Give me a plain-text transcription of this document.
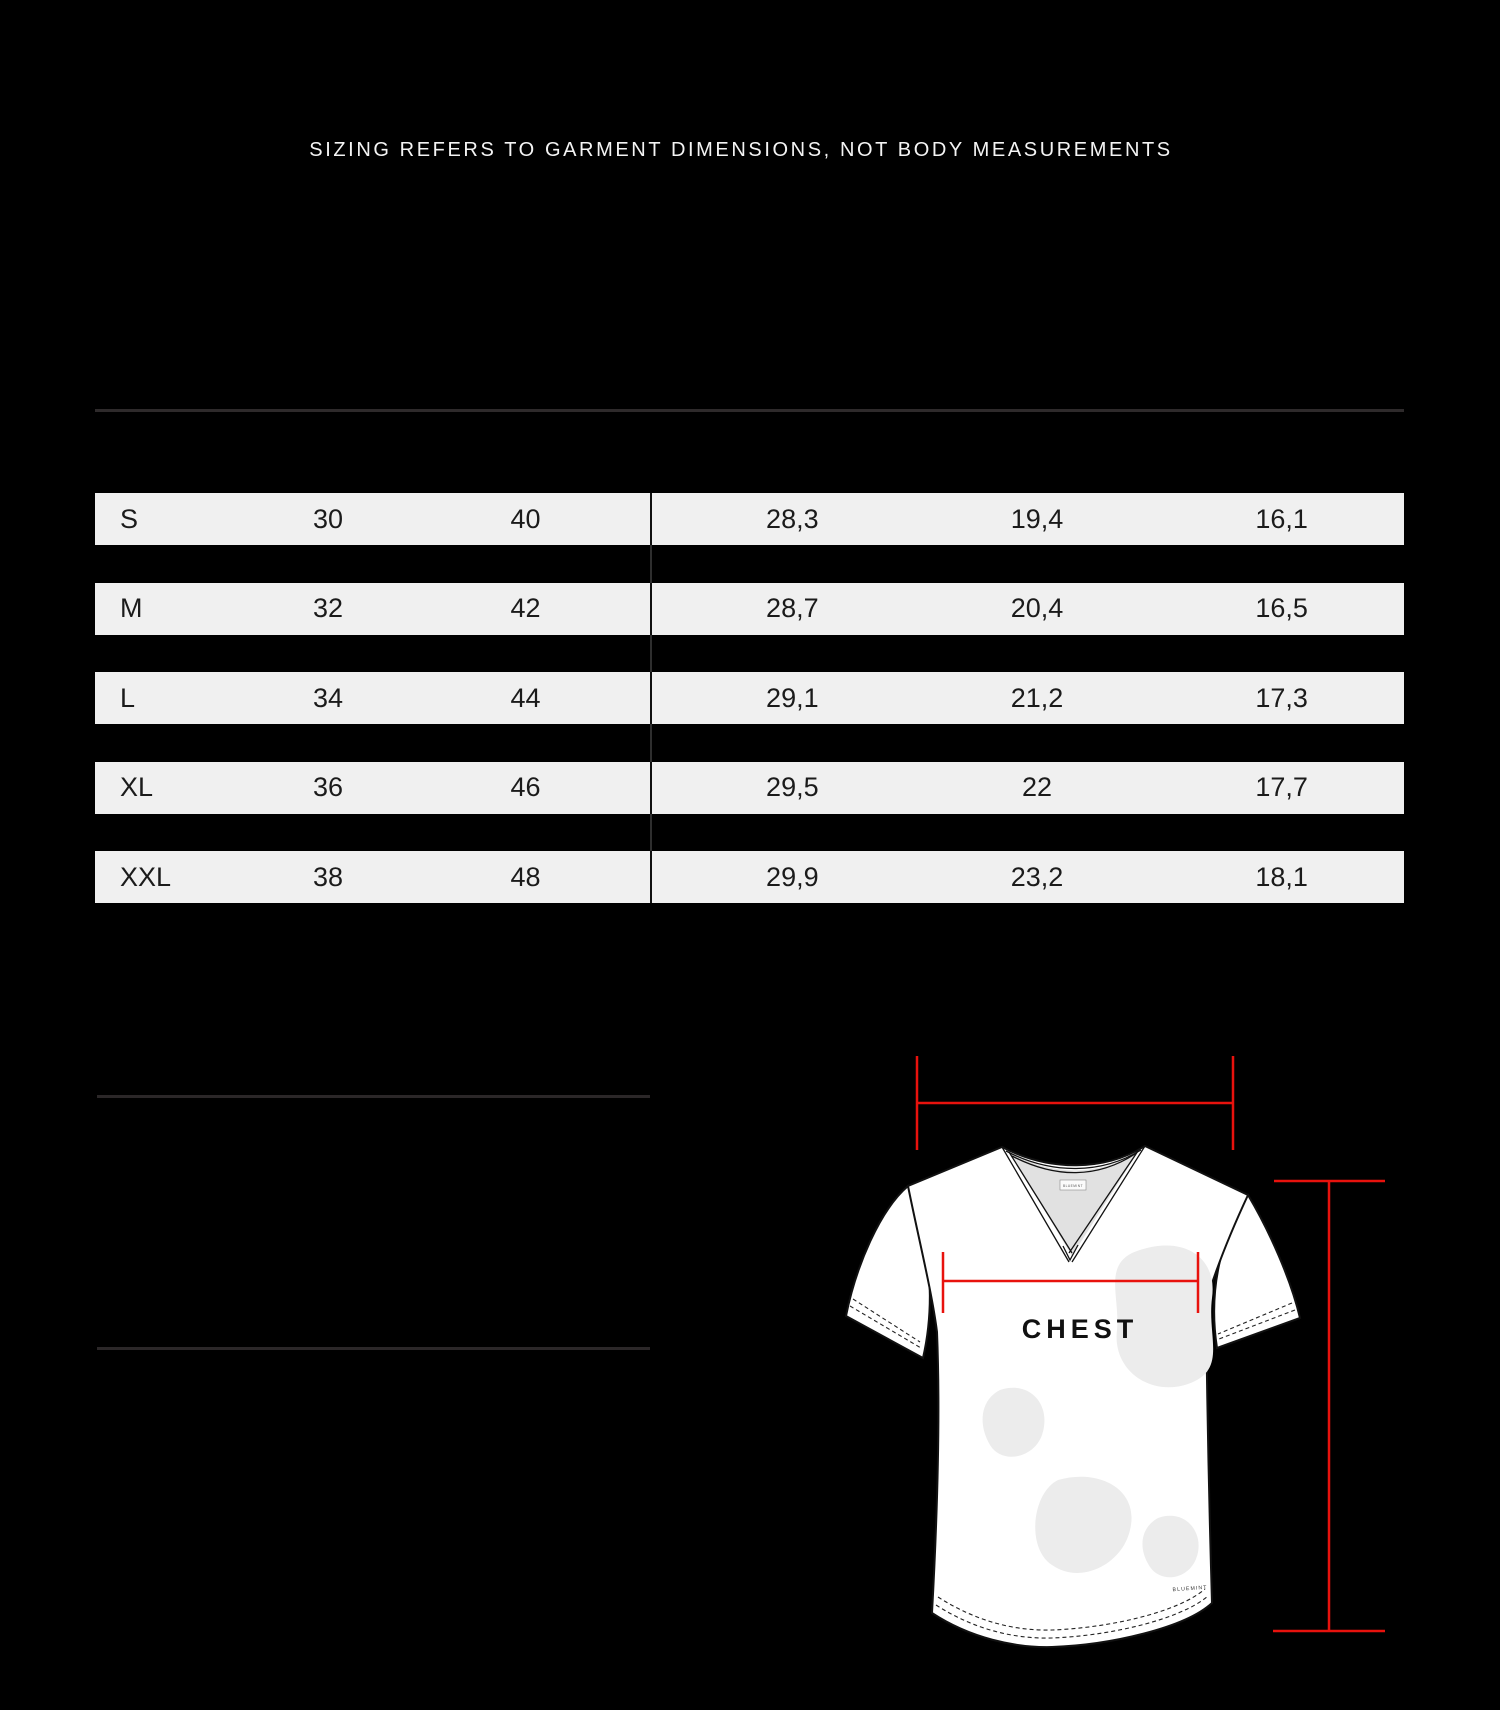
SIZING REFERS TO GARMENT DIMENSIONS, NOT BODY MEASUREMENTS
S	30	40	28,3	19,4	16,1
M	32	42	28,7	20,4	16,5
L	34	44	29,1	21,2	17,3
XL	36	46	29,5	22	17,7
XXL	38	48	29,9	23,2	18,1
BLUEMINT
BLUEMINT
CHEST
